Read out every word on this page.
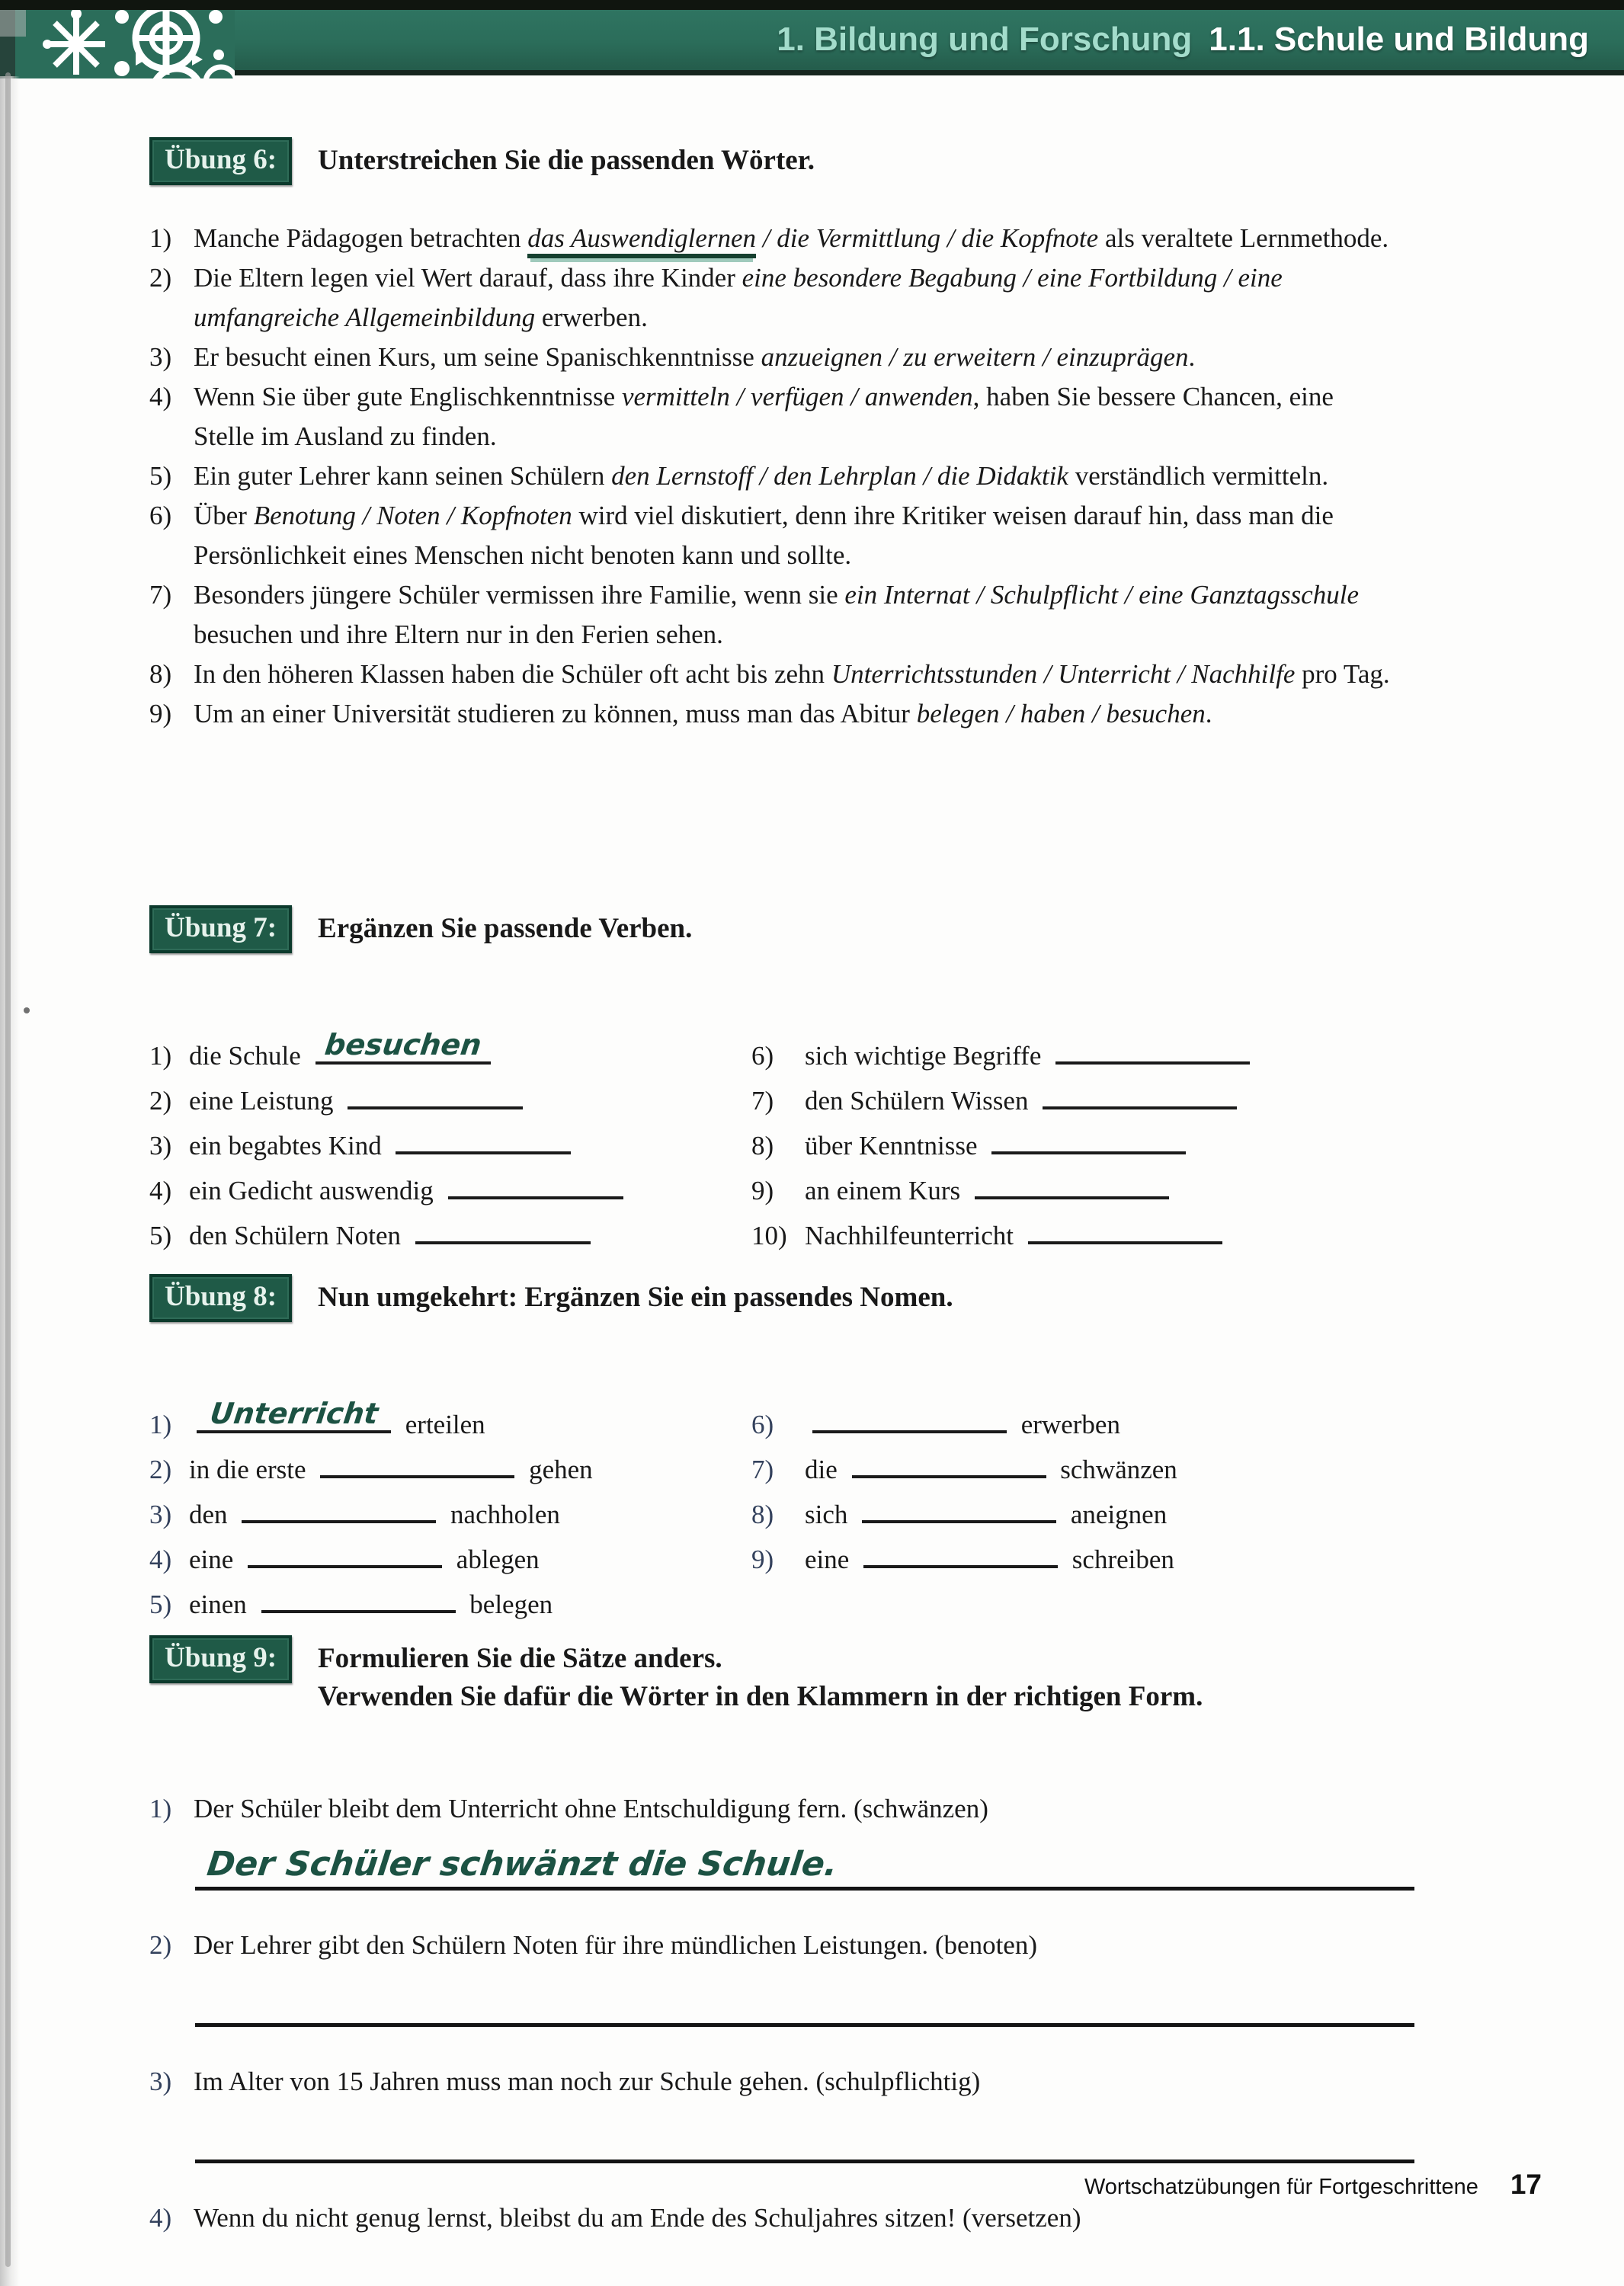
1. Bildung und Forschung 1.1. Schule und Bildung
Übung 6:	Unterstreichen Sie die passenden Wörter.
1) Manche Pädagogen betrachten das Auswendiglernen / die Vermittlung / die Kopfnote als veraltete Lernmethode.
2) Die Eltern legen viel Wert darauf, dass ihre Kinder eine besondere Begabung / eine Fortbildung / eine umfangreiche Allgemeinbildung erwerben.
3) Er besucht einen Kurs, um seine Spanischkenntnisse anzueignen / zu erweitern / einzuprägen.
4) Wenn Sie über gute Englischkenntnisse vermitteln / verfügen / anwenden, haben Sie bessere Chancen, eine Stelle im Ausland zu finden.
5) Ein guter Lehrer kann seinen Schülern den Lernstoff / den Lehrplan / die Didaktik verständlich vermitteln.
6) Über Benotung / Noten / Kopfnoten wird viel diskutiert, denn ihre Kritiker weisen darauf hin, dass man die Persönlichkeit eines Menschen nicht benoten kann und sollte.
7) Besonders jüngere Schüler vermissen ihre Familie, wenn sie ein Internat / Schulpflicht / eine Ganztagsschule besuchen und ihre Eltern nur in den Ferien sehen.
8) In den höheren Klassen haben die Schüler oft acht bis zehn Unterrichtsstunden / Unterricht / Nachhilfe pro Tag.
9) Um an einer Universität studieren zu können, muss man das Abitur belegen / haben / besuchen.
Übung 7:	Ergänzen Sie passende Verben.
1) die Schule besuchen
2) eine Leistung
3) ein begabtes Kind
4) ein Gedicht auswendig
5) den Schülern Noten
6) sich wichtige Begriffe
7) den Schülern Wissen
8) über Kenntnisse
9) an einem Kurs
10) Nachhilfeunterricht
Übung 8:	Nun umgekehrt: Ergänzen Sie ein passendes Nomen.
1) Unterricht erteilen
2) in die erste	gehen
3) den	nachholen
4) eine	ablegen
5) einen	belegen
6)	erwerben
7) die	schwänzen
8) sich	aneignen
9) eine	schreiben
Übung 9:	Formulieren Sie die Sätze anders.
Verwenden Sie dafür die Wörter in den Klammern in der richtigen Form.
1) Der Schüler bleibt dem Unterricht ohne Entschuldigung fern. (schwänzen)
Der Schüler schwänzt die Schule.
2) Der Lehrer gibt den Schülern Noten für ihre mündlichen Leistungen. (benoten)
3) Im Alter von 15 Jahren muss man noch zur Schule gehen. (schulpflichtig)
4) Wenn du nicht genug lernst, bleibst du am Ende des Schuljahres sitzen! (versetzen)
Wortschatzübungen für Fortgeschrittene 17
